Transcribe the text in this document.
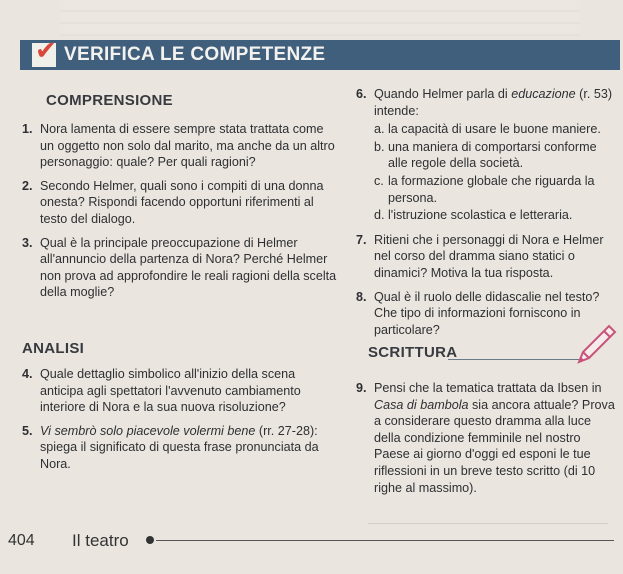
✔ VERIFICA LE COMPETENZE
COMPRENSIONE
1. Nora lamenta di essere sempre stata trattata come un oggetto non solo dal marito, ma anche da un altro personaggio: quale? Per quali ragioni?
2. Secondo Helmer, quali sono i compiti di una donna onesta? Rispondi facendo opportuni riferimenti al testo del dialogo.
3. Qual è la principale preoccupazione di Helmer all'annuncio della partenza di Nora? Perché Helmer non prova ad approfondire le reali ragioni della scelta della moglie?
ANALISI
4. Quale dettaglio simbolico all'inizio della scena anticipa agli spettatori l'avvenuto cambiamento interiore di Nora e la sua nuova risoluzione?
5. Vi sembrò solo piacevole volermi bene (rr. 27-28): spiega il significato di questa frase pronunciata da Nora.
6. Quando Helmer parla di educazione (r. 53) intende:
a. la capacità di usare le buone maniere.
b. una maniera di comportarsi conforme alle regole della società.
c. la formazione globale che riguarda la persona.
d. l'istruzione scolastica e letteraria.
7. Ritieni che i personaggi di Nora e Helmer nel corso del dramma siano statici o dinamici? Motiva la tua risposta.
8. Qual è il ruolo delle didascalie nel testo? Che tipo di informazioni forniscono in particolare?
SCRITTURA
9. Pensi che la tematica trattata da Ibsen in Casa di bambola sia ancora attuale? Prova a considerare questo dramma alla luce della condizione femminile nel nostro Paese ai giorno d'oggi ed esponi le tue riflessioni in un breve testo scritto (di 10 righe al massimo).
404 Il teatro
